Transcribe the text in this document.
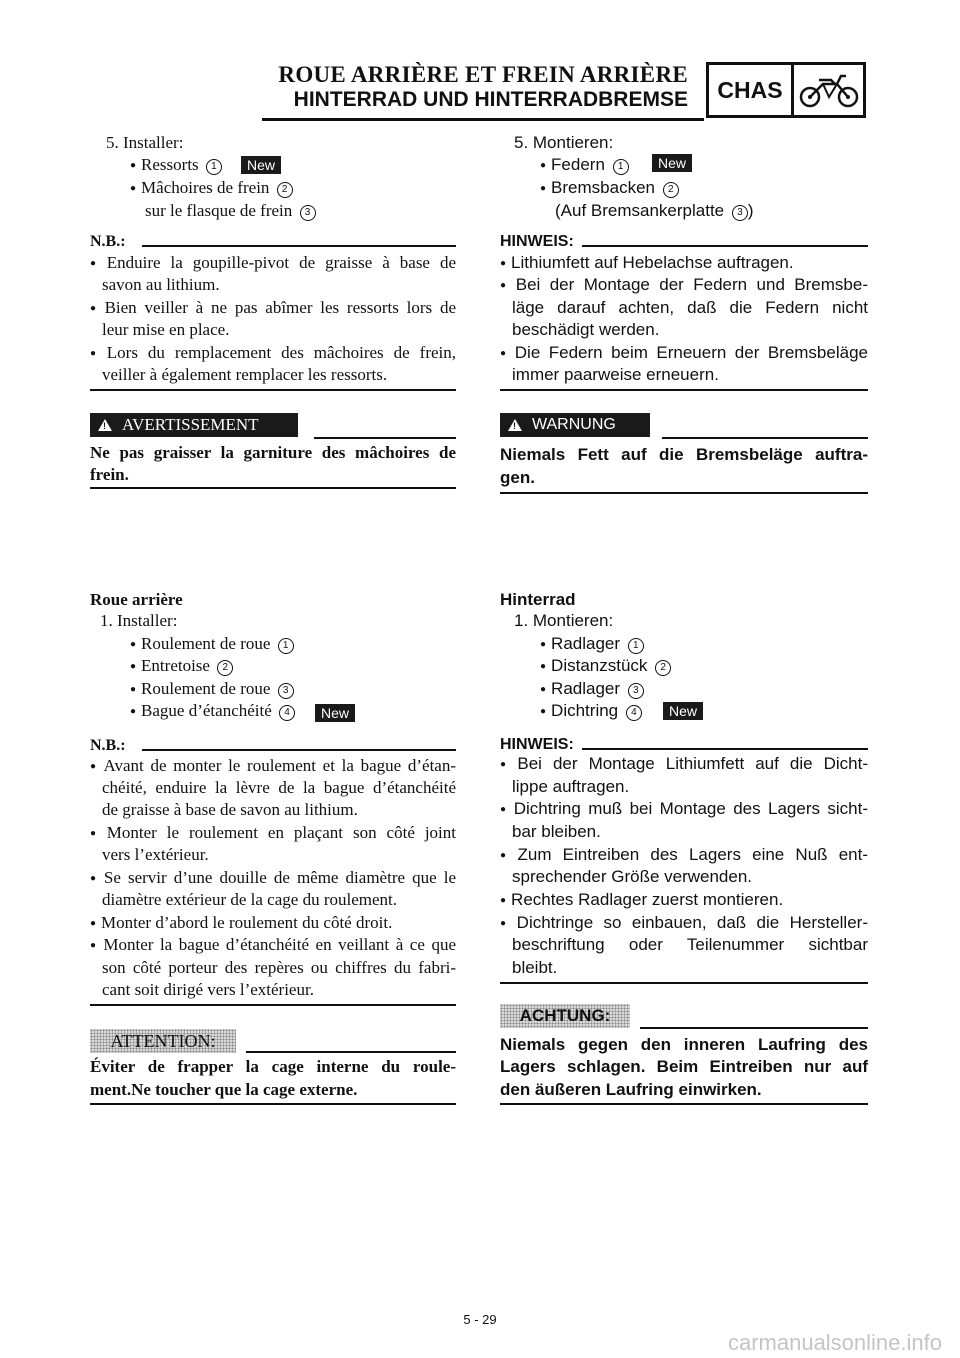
ROUE ARRIÈRE ET FREIN ARRIÈRE
HINTERRAD UND HINTERRADBREMSE	CHAS
5. Installer:
● Ressorts 1	New
● Mâchoires de frein 2
sur le flasque de frein 3
N.B.:
● Enduire la goupille-pivot de graisse à base de
savon au lithium.
● Bien veiller à ne pas abîmer les ressorts lors de
leur mise en place.
● Lors du remplacement des mâchoires de frein,
veiller à également remplacer les ressorts.
! AVERTISSEMENT
Ne pas graisser la garniture des mâchoires de
frein.
Roue arrière
1. Installer:
● Roulement de roue 1
● Entretoise 2
● Roulement de roue 3
● Bague d’étanchéité 4	New
N.B.:
● Avant de monter le roulement et la bague d’étan-
chéité, enduire la lèvre de la bague d’étanchéité
de graisse à base de savon au lithium.
● Monter le roulement en plaçant son côté joint
vers l’extérieur.
● Se servir d’une douille de même diamètre que le
diamètre extérieur de la cage du roulement.
● Monter d’abord le roulement du côté droit.
● Monter la bague d’étanchéité en veillant à ce que
son côté porteur des repères ou chiffres du fabri-
cant soit dirigé vers l’extérieur.
ATTENTION:
Éviter de frapper la cage interne du roule-
ment.Ne toucher que la cage externe.
5. Montieren:
● Federn 1	New
● Bremsbacken 2
(Auf Bremsankerplatte 3 )
HINWEIS:
● Lithiumfett auf Hebelachse auftragen.
● Bei der Montage der Federn und Bremsbe-
läge darauf achten, daß die Federn nicht
beschädigt werden.
● Die Federn beim Erneuern der Bremsbeläge
immer paarweise erneuern.
! WARNUNG
Niemals Fett auf die Bremsbeläge auftra-
gen.
Hinterrad
1. Montieren:
● Radlager 1
● Distanzstück 2
● Radlager 3
● Dichtring 4	New
HINWEIS:
● Bei der Montage Lithiumfett auf die Dicht-
lippe auftragen.
● Dichtring muß bei Montage des Lagers sicht-
bar bleiben.
● Zum Eintreiben des Lagers eine Nuß ent-
sprechender Größe verwenden.
● Rechtes Radlager zuerst montieren.
● Dichtringe so einbauen, daß die Hersteller-
beschriftung oder Teilenummer sichtbar
bleibt.
ACHTUNG:
Niemals gegen den inneren Laufring des
Lagers schlagen. Beim Eintreiben nur auf
den äußeren Laufring einwirken.
5 - 29
carmanualsonline.info
